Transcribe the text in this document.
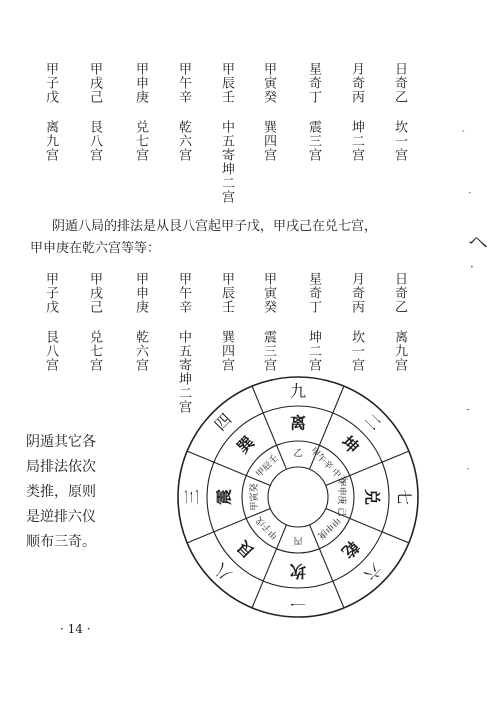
日奇乙
坎一宫
月奇丙
坤二宫
星奇丁
震三宫
甲寅癸
巽四宫
甲辰壬
中五寄坤二宫
甲午辛
乾六宫
甲申庚
兑七宫
甲戌己
艮八宫
甲子戊
离九宫
阴遁八局的排法是从艮八宫起甲子戊，甲戌己在兑七宫，
甲申庚在乾六宫等等：
日奇乙
离九宫
月奇丙
坎一宫
星奇丁
坤二宫
甲寅癸
震三宫
甲辰壬
巽四宫
甲午辛
中五寄坤二宫
甲申庚
乾六宫
甲戌己
兑七宫
甲子戊
艮八宫
阴遁其它各
局排法依次
类推，原则
是逆排六仪
顺布三奇。
九
二
七
六
一
八
三
四	离
坤
兑
乾
坎
艮
震
巽	乙 甲午辛 中五
甲申庚 己
甲申庚
丙
甲子戊
甲寅癸
甲辰壬
· 14 ·
′
·
ヘ
·
-
·
